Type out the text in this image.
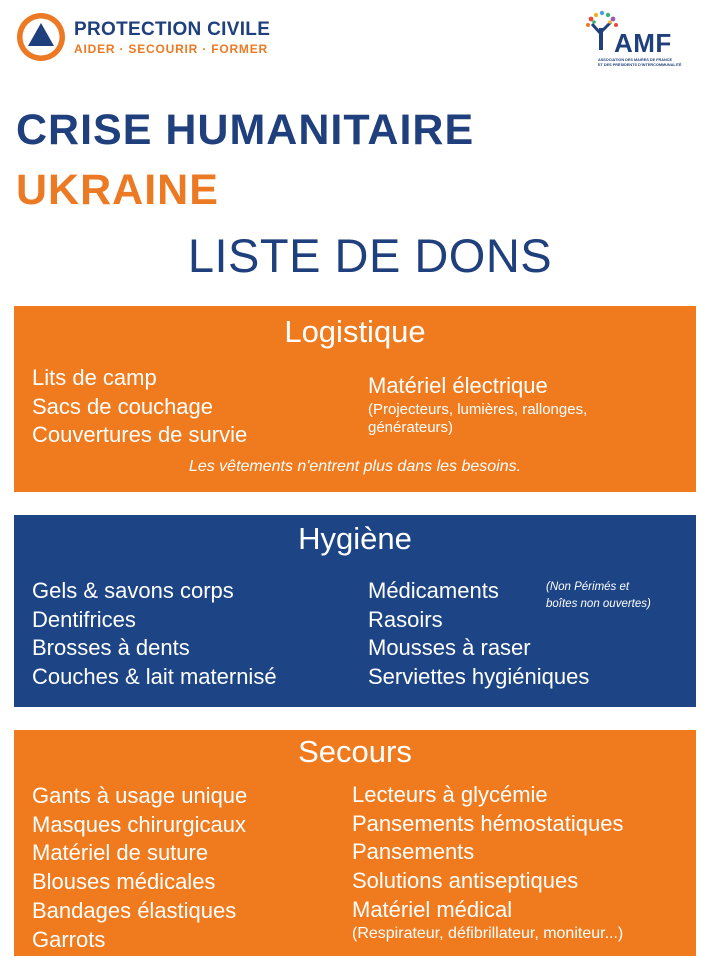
PROTECTION CIVILE
AIDER · SECOURIR · FORMER	AMF
ASSOCIATION DES MAIRES DE FRANCE
ET DES PRÉSIDENTS D'INTERCOMMUNALITÉ
CRISE HUMANITAIRE
UKRAINE
LISTE DE DONS
Logistique
Lits de camp
Sacs de couchage
Couvertures de survie
Matériel électrique
(Projecteurs, lumières, rallonges,
générateurs)
Les vêtements n'entrent plus dans les besoins.
Hygiène
Gels & savons corps
Dentifrices
Brosses à dents
Couches & lait maternisé
Médicaments
Rasoirs
Mousses à raser
Serviettes hygiéniques
(Non Périmés et
boîtes non ouvertes)
Secours
Gants à usage unique
Masques chirurgicaux
Matériel de suture
Blouses médicales
Bandages élastiques
Garrots
Lecteurs à glycémie
Pansements hémostatiques
Pansements
Solutions antiseptiques
Matériel médical
(Respirateur, défibrillateur, moniteur...)
